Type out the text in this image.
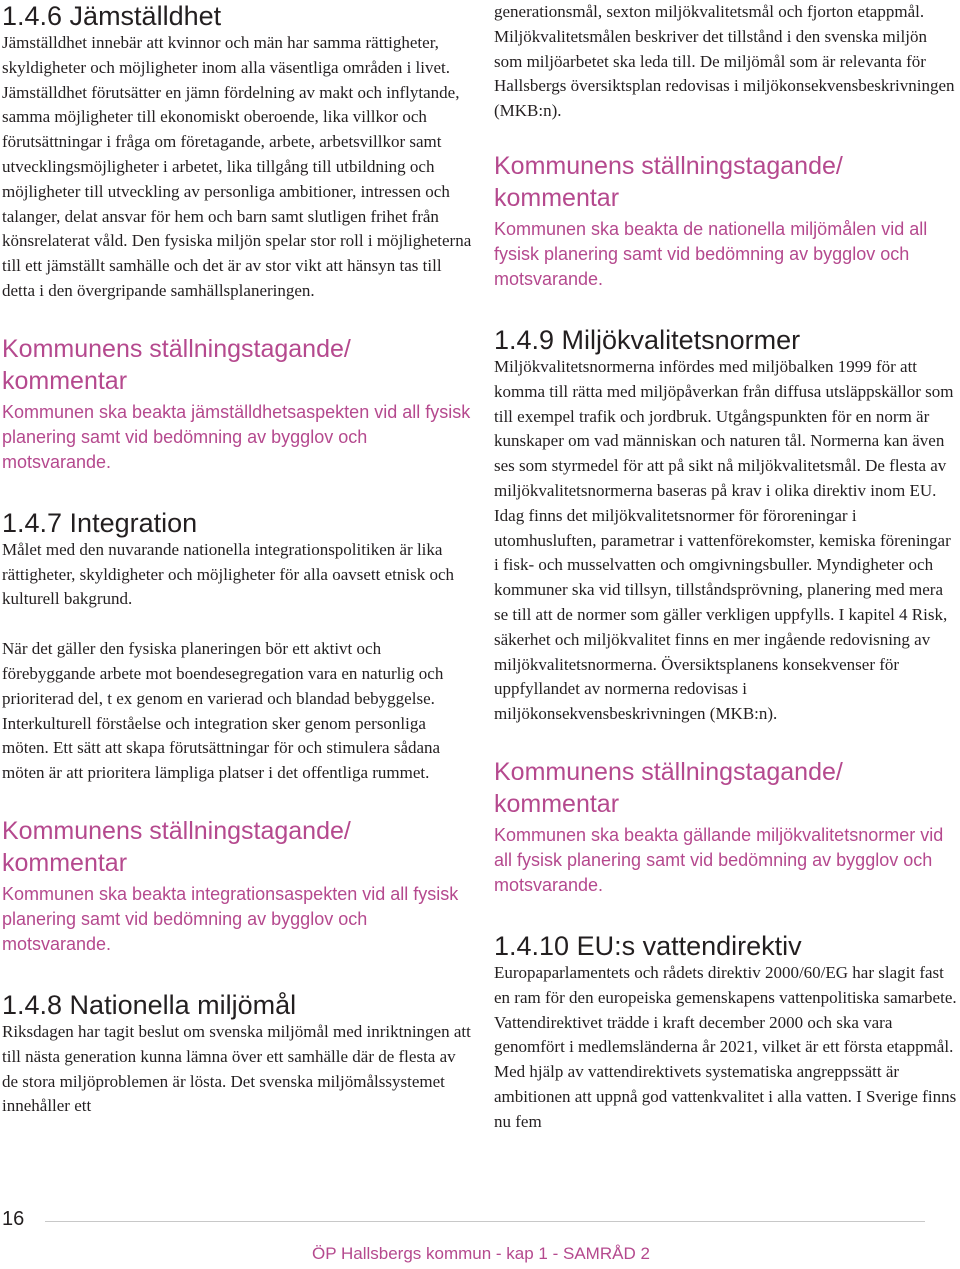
1.4.6 Jämställdhet

Jämställdhet innebär att kvinnor och män har samma rättigheter, skyldigheter och möjligheter inom alla väsentliga områden i livet. Jämställdhet förutsätter en jämn fördelning av makt och inflytande, samma möjligheter till ekonomiskt oberoende, lika villkor och förutsättningar i fråga om företagande, arbete, arbetsvillkor samt utvecklingsmöjligheter i arbetet, lika tillgång till utbildning och möjligheter till utveckling av personliga ambitioner, intressen och talanger, delat ansvar för hem och barn samt slutligen frihet från könsrelaterat våld. Den fysiska miljön spelar stor roll i möjligheterna till ett jämställt samhälle och det är av stor vikt att hänsyn tas till detta i den övergripande samhällsplaneringen.

Kommunens ställningstagande/ kommentar

Kommunen ska beakta jämställdhetsaspekten vid all fysisk planering samt vid bedömning av bygglov och motsvarande.

1.4.7 Integration

Målet med den nuvarande nationella integrationspolitiken är lika rättigheter, skyldigheter och möjligheter för alla oavsett etnisk och kulturell bakgrund.

När det gäller den fysiska planeringen bör ett aktivt och förebyggande arbete mot boendesegregation vara en naturlig och prioriterad del, t ex genom en varierad och blandad bebyggelse. Interkulturell förståelse och integration sker genom personliga möten. Ett sätt att skapa förutsättningar för och stimulera sådana möten är att prioritera lämpliga platser i det offentliga rummet.

Kommunens ställningstagande/ kommentar

Kommunen ska beakta integrationsaspekten vid all fysisk planering samt vid bedömning av bygglov och motsvarande.

1.4.8 Nationella miljömål

Riksdagen har tagit beslut om svenska miljömål med inriktningen att till nästa generation kunna lämna över ett samhälle där de flesta av de stora miljöproblemen är lösta. Det svenska miljömålssystemet innehåller ett

generationsmål, sexton miljökvalitetsmål och fjorton etappmål. Miljökvalitetsmålen beskriver det tillstånd i den svenska miljön som miljöarbetet ska leda till. De miljömål som är relevanta för Hallsbergs översiktsplan redovisas i miljökonsekvensbeskrivningen (MKB:n).

Kommunens ställningstagande/ kommentar

Kommunen ska beakta de nationella miljömålen vid all fysisk planering samt vid bedömning av bygglov och motsvarande.

1.4.9 Miljökvalitetsnormer

Miljökvalitetsnormerna infördes med miljöbalken 1999 för att komma till rätta med miljöpåverkan från diffusa utsläppskällor som till exempel trafik och jordbruk. Utgångspunkten för en norm är kunskaper om vad människan och naturen tål. Normerna kan även ses som styrmedel för att på sikt nå miljökvalitetsmål. De flesta av miljökvalitetsnormerna baseras på krav i olika direktiv inom EU. Idag finns det miljökvalitetsnormer för föroreningar i utomhusluften, parametrar i vattenförekomster, kemiska föreningar i fisk- och musselvatten och omgivningsbuller. Myndigheter och kommuner ska vid tillsyn, tillståndsprövning, planering med mera se till att de normer som gäller verkligen uppfylls. I kapitel 4 Risk, säkerhet och miljökvalitet finns en mer ingående redovisning av miljökvalitetsnormerna. Översiktsplanens konsekvenser för uppfyllandet av normerna redovisas i miljökonsekvensbeskrivningen (MKB:n).

Kommunens ställningstagande/ kommentar

Kommunen ska beakta gällande miljökvalitetsnormer vid all fysisk planering samt vid bedömning av bygglov och motsvarande.

1.4.10 EU:s vattendirektiv

Europaparlamentets och rådets direktiv 2000/60/EG har slagit fast en ram för den europeiska gemenskapens vattenpolitiska samarbete. Vattendirektivet trädde i kraft december 2000 och ska vara genomfört i medlemsländerna år 2021, vilket är ett första etappmål. Med hjälp av vattendirektivets systematiska angreppssätt är ambitionen att uppnå god vattenkvalitet i alla vatten. I Sverige finns nu fem

16
ÖP Hallsbergs kommun - kap 1 - SAMRÅD 2
